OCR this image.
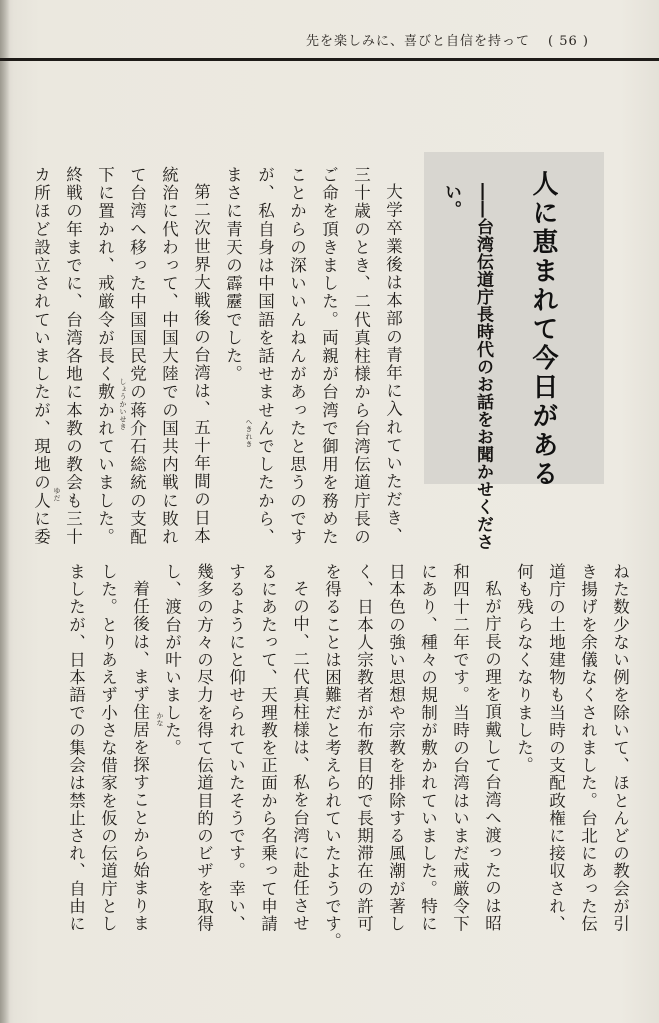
先を楽しみに、喜びと自信を持って ( 56 )
人に恵まれて今日がある
――台湾伝道庁長時代のお話をお聞かせくださ
い。
大学卒業後は本部の青年に入れていただき、
三十歳のとき、二代真柱様から台湾伝道庁長の
ご命を頂きました。両親が台湾で御用を務めた
ことからの深いいんねんがあったと思うのです
が、私自身は中国語を話せませんでしたから、
まさに青天の霹靂でした。
第二次世界大戦後の台湾は、五十年間の日本
統治に代わって、中国大陸での国共内戦に敗れ
て台湾へ移った中国国民党の蒋介石総統の支配
下に置かれ、戒厳令が長く敷かれていました。
終戦の年までに、台湾各地に本教の教会も三十
カ所ほど設立されていましたが、現地の人に委	へきれき
しょうかいせき
ゆだ
ねた数少ない例を除いて、ほとんどの教会が引
き揚げを余儀なくされました。台北にあった伝
道庁の土地建物も当時の支配政権に接収され、
何も残らなくなりました。
私が庁長の理を頂戴して台湾へ渡ったのは昭
和四十二年です。当時の台湾はいまだ戒厳令下
にあり、種々の規制が敷かれていました。特に
日本色の強い思想や宗教を排除する風潮が著し
く、日本人宗教者が布教目的で長期滞在の許可
を得ることは困難だと考えられていたようです。
その中、二代真柱様は、私を台湾に赴任させ
るにあたって、天理教を正面から名乗って申請
するようにと仰せられていたそうです。幸い、
幾多の方々の尽力を得て伝道目的のビザを取得
し、渡台が叶いました。
着任後は、まず住居を探すことから始まりま
した。とりあえず小さな借家を仮の伝道庁とし
ましたが、日本語での集会は禁止され、自由に	かな
